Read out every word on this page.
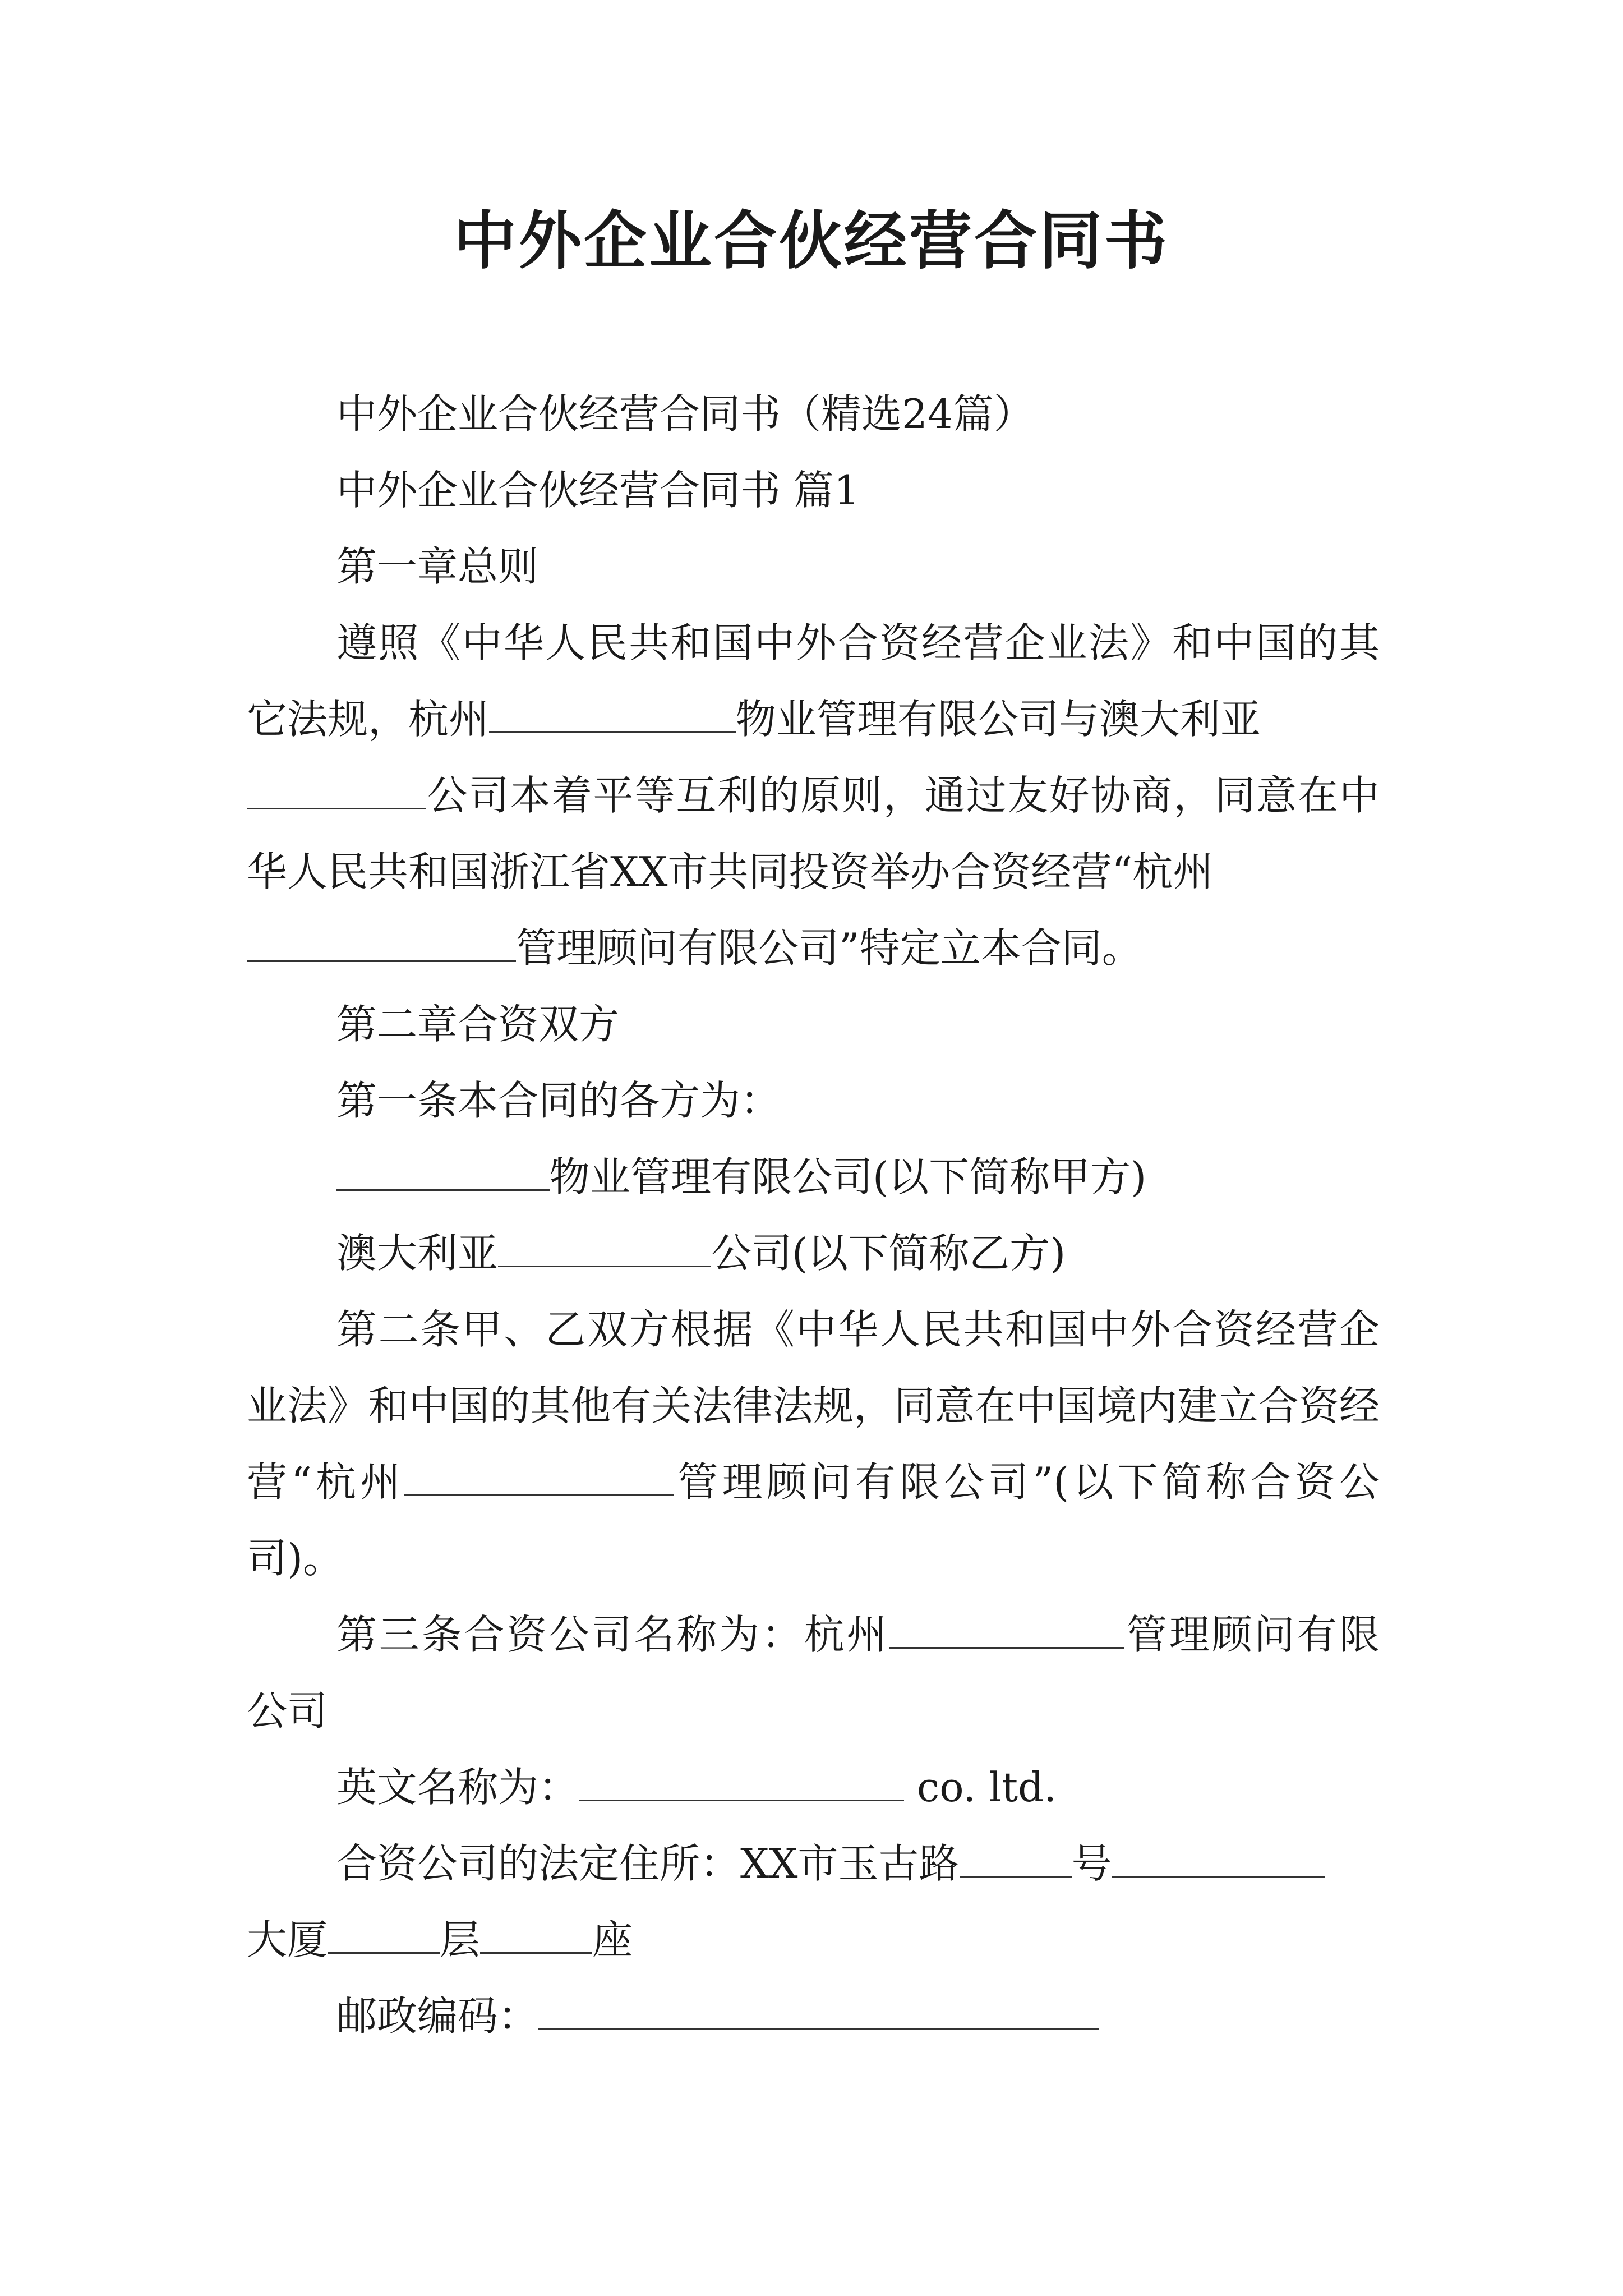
中外企业合伙经营合同书

中外企业合伙经营合同书（精选24篇）

中外企业合伙经营合同书 篇1

第一章总则

遵照《中华人民共和国中外合资经营企业法》和中国的其它法规，杭州	物业管理有限公司与澳大利亚
公司本着平等互利的原则，通过友好协商，同意在中华人民共和国浙江省XX市共同投资举办合资经营“杭州
管理顾问有限公司”特定立本合同。

第二章合资双方

第一条本合同的各方为：

物业管理有限公司(以下简称甲方)

澳大利亚	公司(以下简称乙方)

第二条甲、乙双方根据《中华人民共和国中外合资经营企业法》和中国的其他有关法律法规，同意在中国境内建立合资经营“杭州	管理顾问有限公司”(以下简称合资公司)。

第三条合资公司名称为：杭州	管理顾问有限公司

英文名称为：	co. ltd.

合资公司的法定住所：XX市玉古路	号
大厦	层	座

邮政编码：
